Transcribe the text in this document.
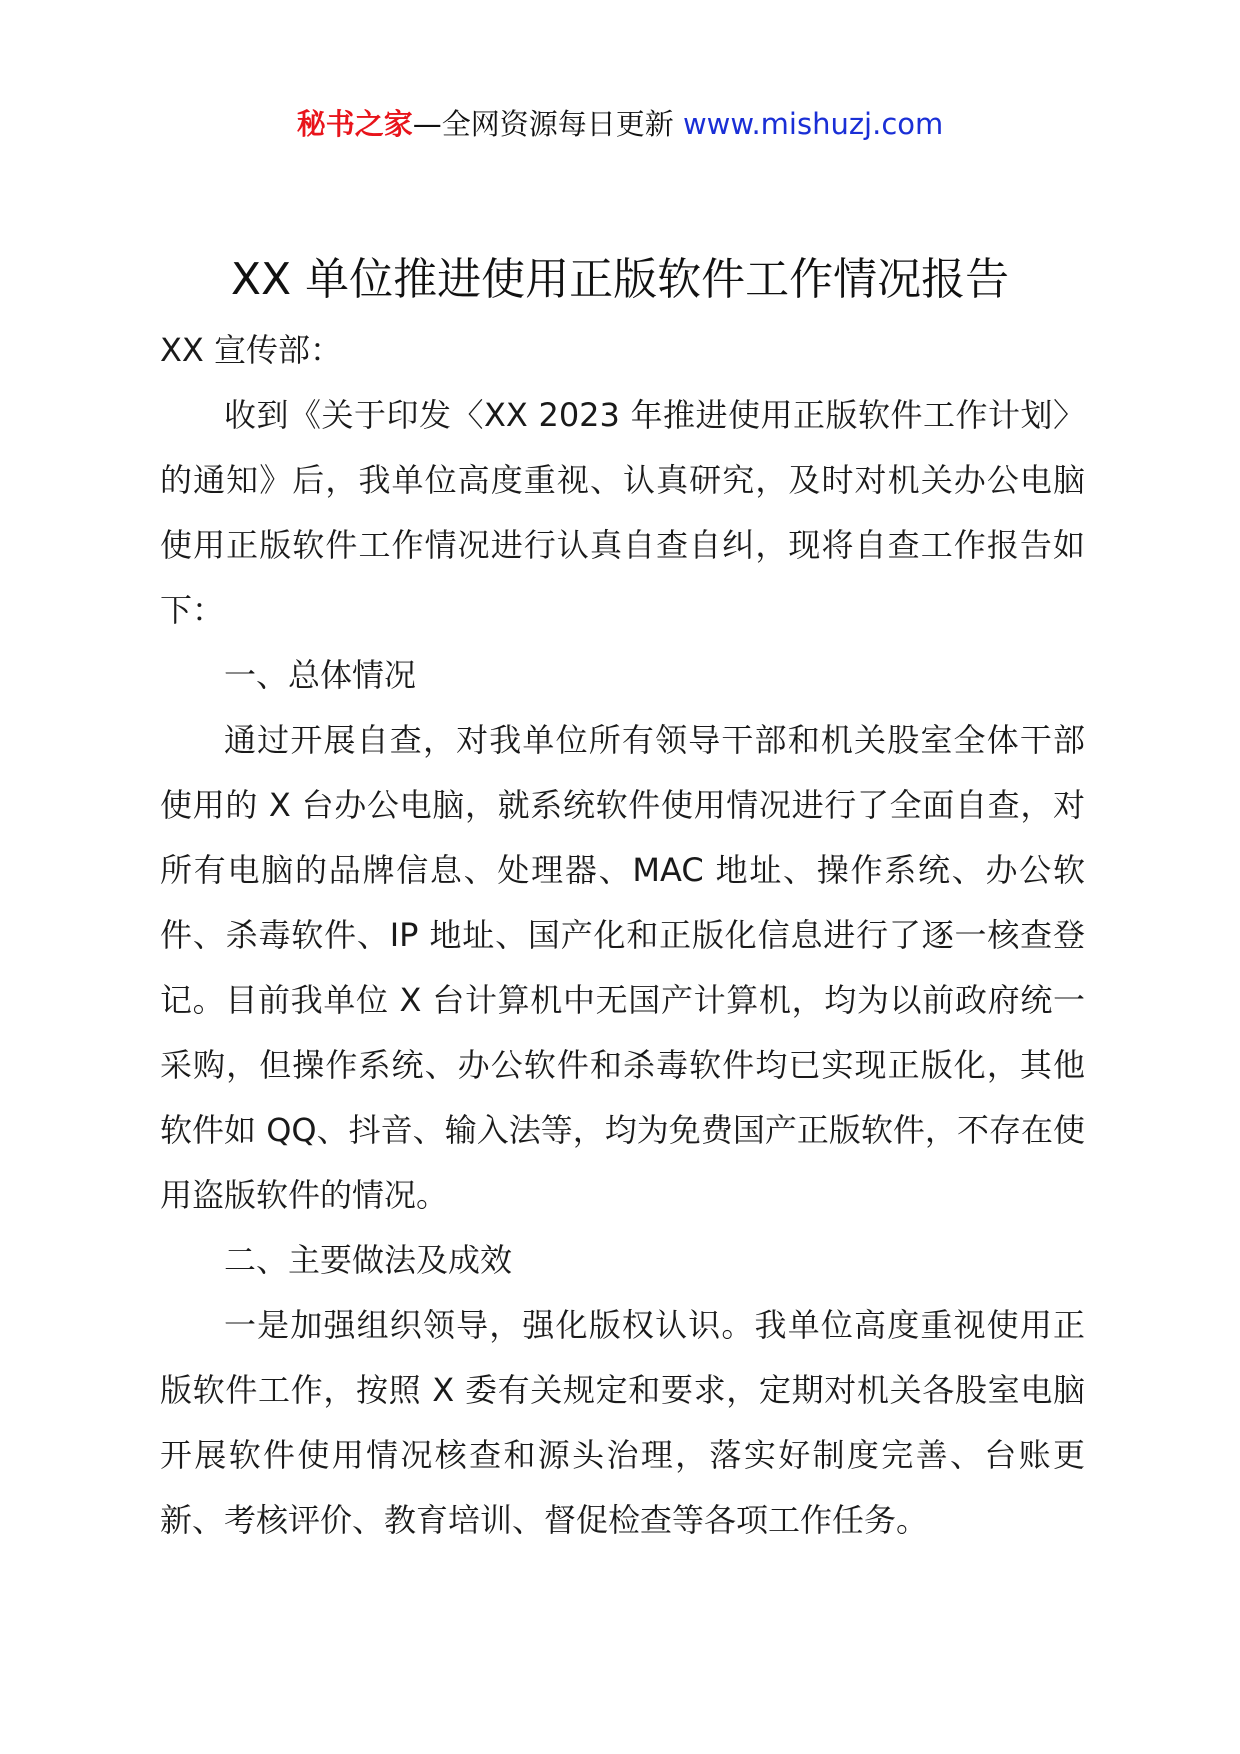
秘书之家—全网资源每日更新 www.mishuzj.com
XX 单位推进使用正版软件工作情况报告

XX 宣传部：

收到《关于印发〈XX 2023 年推进使用正版软件工作计划〉的通知》后，我单位高度重视、认真研究，及时对机关办公电脑使用正版软件工作情况进行认真自查自纠，现将自查工作报告如下：

一、总体情况

通过开展自查，对我单位所有领导干部和机关股室全体干部使用的 X 台办公电脑，就系统软件使用情况进行了全面自查，对所有电脑的品牌信息、处理器、MAC 地址、操作系统、办公软件、杀毒软件、IP 地址、国产化和正版化信息进行了逐一核查登记。目前我单位 X 台计算机中无国产计算机，均为以前政府统一采购，但操作系统、办公软件和杀毒软件均已实现正版化，其他软件如 QQ、抖音、输入法等，均为免费国产正版软件，不存在使用盗版软件的情况。

二、主要做法及成效

一是加强组织领导，强化版权认识。我单位高度重视使用正版软件工作，按照 X 委有关规定和要求，定期对机关各股室电脑开展软件使用情况核查和源头治理，落实好制度完善、台账更新、考核评价、教育培训、督促检查等各项工作任务。
